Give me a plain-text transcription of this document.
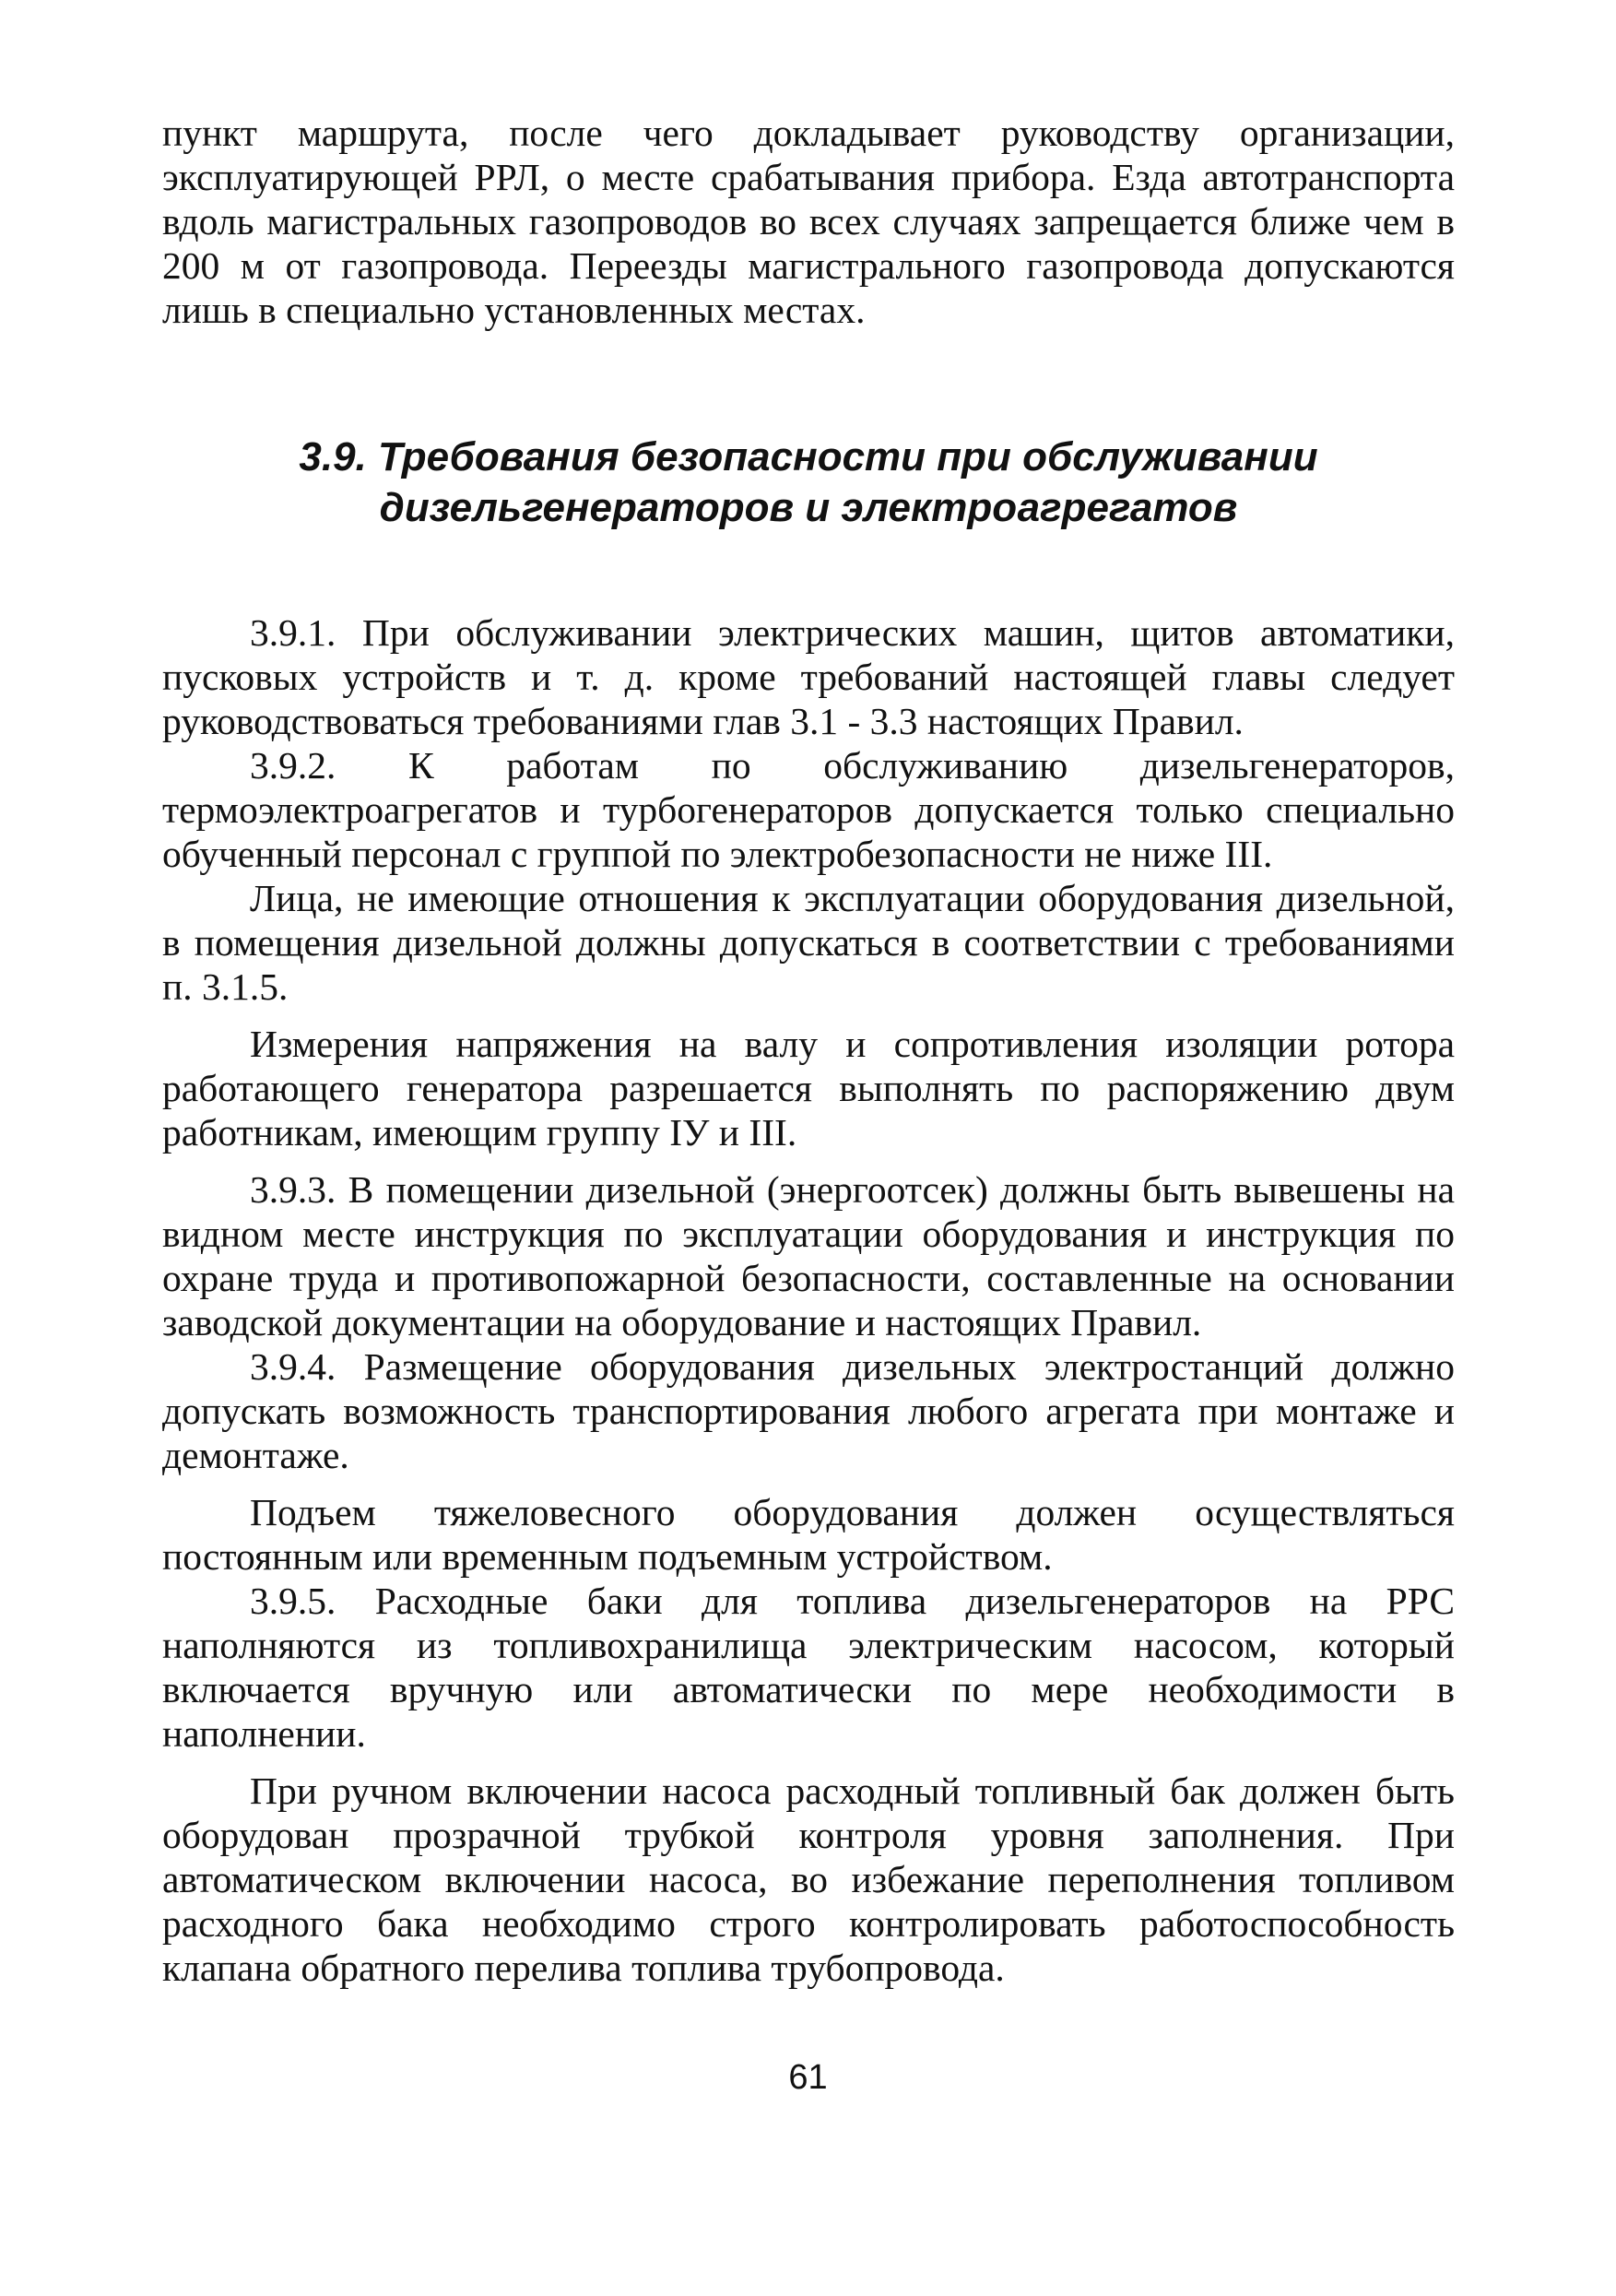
пункт маршрута, после чего докладывает руководству организации, эксплуатирующей РРЛ, о месте срабатывания прибора. Езда автотранспорта вдоль магистральных газопроводов во всех случаях запрещается ближе чем в 200 м от газопровода. Переезды магистрального газопровода допускаются лишь в специально установленных местах.

3.9. Требования безопасности при обслуживании
дизельгенераторов и электроагрегатов

3.9.1. При обслуживании электрических машин, щитов автоматики, пусковых устройств и т. д. кроме требований настоящей главы следует руководствоваться требованиями глав 3.1 - 3.3 настоящих Правил.

3.9.2. К работам по обслуживанию дизельгенераторов, термоэлектроагрегатов и турбогенераторов допускается только специально обученный персонал с группой по электробезопасности не ниже III.

Лица, не имеющие отношения к эксплуатации оборудования дизельной, в помещения дизельной должны допускаться в соответствии с требованиями п. 3.1.5.

Измерения напряжения на валу и сопротивления изоляции ротора работающего генератора разрешается выполнять по распоряжению двум работникам, имеющим группу IУ и III.

3.9.3. В помещении дизельной (энергоотсек) должны быть вывешены на видном месте инструкция по эксплуатации оборудования и инструкция по охране труда и противопожарной безопасности, составленные на основании заводской документации на оборудование и настоящих Правил.

3.9.4. Размещение оборудования дизельных электростанций должно допускать возможность транспортирования любого агрегата при монтаже и демонтаже.

Подъем тяжеловесного оборудования должен осуществляться постоянным или временным подъемным устройством.

3.9.5. Расходные баки для топлива дизельгенераторов на РРС наполняются из топливохранилища электрическим насосом, который включается вручную или автоматически по мере необходимости в наполнении.

При ручном включении насоса расходный топливный бак должен быть оборудован прозрачной трубкой контроля уровня заполнения. При автоматическом включении насоса, во избежание переполнения топливом расходного бака необходимо строго контролировать работоспособность клапана обратного перелива топлива трубопровода.

61
